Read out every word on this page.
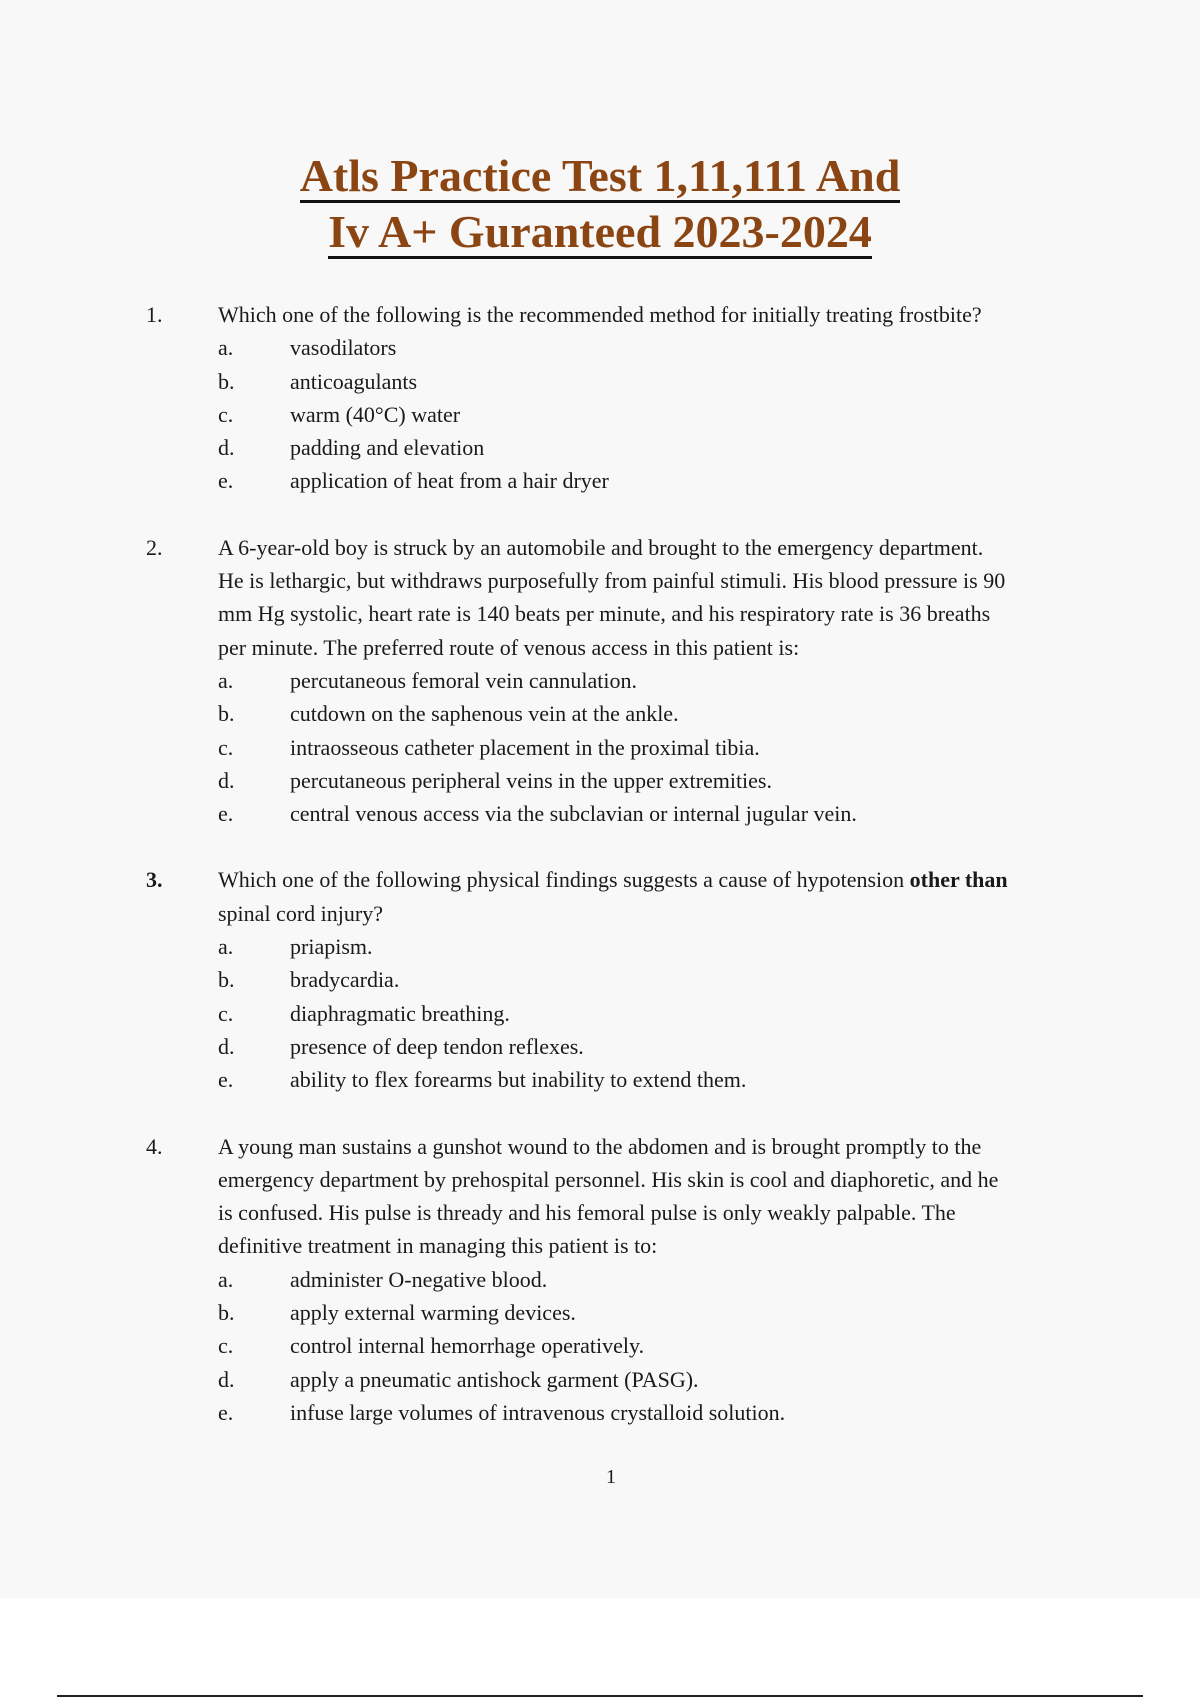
Atls Practice Test 1,11,111 And
Iv A+ Guranteed 2023-2024
1.	Which one of the following is the recommended method for initially treating frostbite?
a.	vasodilators
b.	anticoagulants
c.	warm (40°C) water
d.	padding and elevation
e.	application of heat from a hair dryer
2.	A 6-year-old boy is struck by an automobile and brought to the emergency department.
He is lethargic, but withdraws purposefully from painful stimuli. His blood pressure is 90
mm Hg systolic, heart rate is 140 beats per minute, and his respiratory rate is 36 breaths
per minute. The preferred route of venous access in this patient is:
a.	percutaneous femoral vein cannulation.
b.	cutdown on the saphenous vein at the ankle.
c.	intraosseous catheter placement in the proximal tibia.
d.	percutaneous peripheral veins in the upper extremities.
e.	central venous access via the subclavian or internal jugular vein.
3.	Which one of the following physical findings suggests a cause of hypotension other than
spinal cord injury?
a.	priapism.
b.	bradycardia.
c.	diaphragmatic breathing.
d.	presence of deep tendon reflexes.
e.	ability to flex forearms but inability to extend them.
4.	A young man sustains a gunshot wound to the abdomen and is brought promptly to the
emergency department by prehospital personnel. His skin is cool and diaphoretic, and he
is confused. His pulse is thready and his femoral pulse is only weakly palpable. The
definitive treatment in managing this patient is to:
a.	administer O-negative blood.
b.	apply external warming devices.
c.	control internal hemorrhage operatively.
d.	apply a pneumatic antishock garment (PASG).
e.	infuse large volumes of intravenous crystalloid solution.
1
